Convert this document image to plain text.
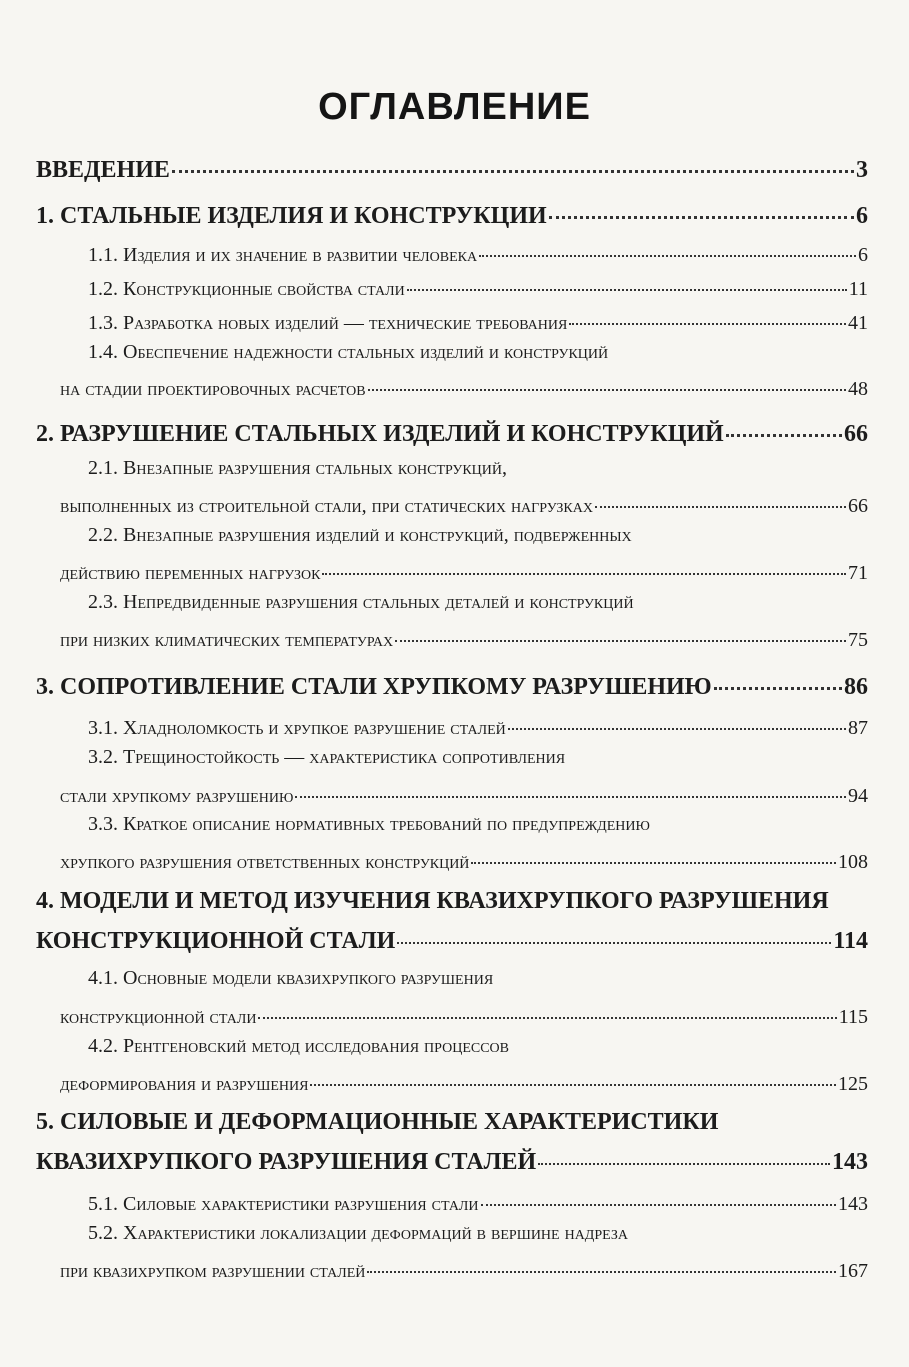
ОГЛАВЛЕНИЕ
ВВЕДЕНИЕ	3
1. СТАЛЬНЫЕ ИЗДЕЛИЯ И КОНСТРУКЦИИ	6
1.1. Изделия и их значение в развитии человека	6
1.2. Конструкционные свойства стали	11
1.3. Разработка новых изделий — технические требования	41
1.4. Обеспечение надежности стальных изделий и конструкций
на стадии проектировочных расчетов	48
2. РАЗРУШЕНИЕ СТАЛЬНЫХ ИЗДЕЛИЙ И КОНСТРУКЦИЙ	66
2.1. Внезапные разрушения стальных конструкций,
выполненных из строительной стали, при статических нагрузках	66
2.2. Внезапные разрушения изделий и конструкций, подверженных
действию переменных нагрузок	71
2.3. Непредвиденные разрушения стальных деталей и конструкций
при низких климатических температурах	75
3. СОПРОТИВЛЕНИЕ СТАЛИ ХРУПКОМУ РАЗРУШЕНИЮ	86
3.1. Хладноломкость и хрупкое разрушение сталей	87
3.2. Трещиностойкость — характеристика сопротивления
стали хрупкому разрушению	94
3.3. Краткое описание нормативных требований по предупреждению
хрупкого разрушения ответственных конструкций	108
4. МОДЕЛИ И МЕТОД ИЗУЧЕНИЯ КВАЗИХРУПКОГО РАЗРУШЕНИЯ
КОНСТРУКЦИОННОЙ СТАЛИ	114
4.1. Основные модели квазихрупкого разрушения
конструкционной стали	115
4.2. Рентгеновский метод исследования процессов
деформирования и разрушения	125
5. СИЛОВЫЕ И ДЕФОРМАЦИОННЫЕ ХАРАКТЕРИСТИКИ
КВАЗИХРУПКОГО РАЗРУШЕНИЯ СТАЛЕЙ	143
5.1. Силовые характеристики разрушения стали	143
5.2. Характеристики локализации деформаций в вершине надреза
при квазихрупком разрушении сталей	167
